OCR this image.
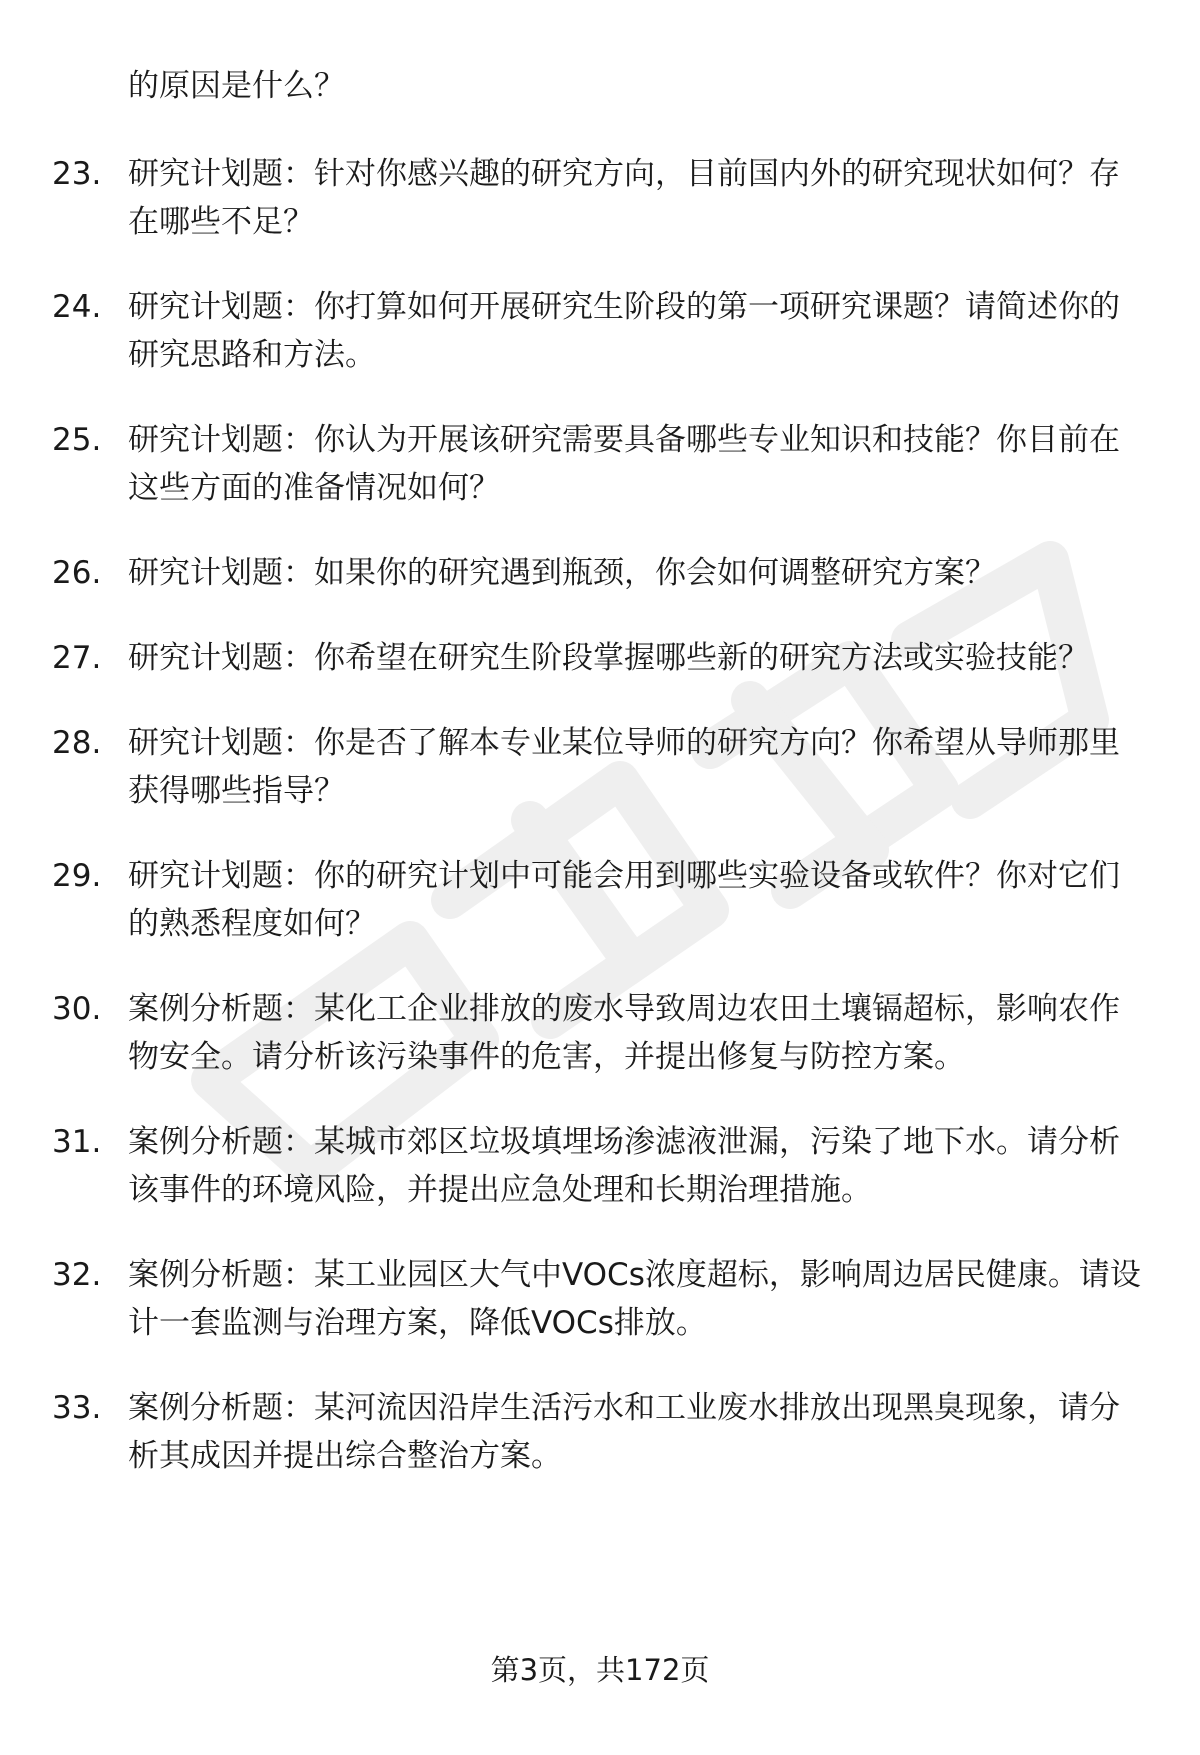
的原因是什么？
23. 研究计划题：针对你感兴趣的研究方向，目前国内外的研究现状如何？存在哪些不足？
24. 研究计划题：你打算如何开展研究生阶段的第一项研究课题？请简述你的研究思路和方法。
25. 研究计划题：你认为开展该研究需要具备哪些专业知识和技能？你目前在这些方面的准备情况如何？
26. 研究计划题：如果你的研究遇到瓶颈，你会如何调整研究方案？
27. 研究计划题：你希望在研究生阶段掌握哪些新的研究方法或实验技能？
28. 研究计划题：你是否了解本专业某位导师的研究方向？你希望从导师那里获得哪些指导？
29. 研究计划题：你的研究计划中可能会用到哪些实验设备或软件？你对它们的熟悉程度如何？
30. 案例分析题：某化工企业排放的废水导致周边农田土壤镉超标，影响农作物安全。请分析该污染事件的危害，并提出修复与防控方案。
31. 案例分析题：某城市郊区垃圾填埋场渗滤液泄漏，污染了地下水。请分析该事件的环境风险，并提出应急处理和长期治理措施。
32. 案例分析题：某工业园区大气中VOCs浓度超标，影响周边居民健康。请设计一套监测与治理方案，降低VOCs排放。
33. 案例分析题：某河流因沿岸生活污水和工业废水排放出现黑臭现象，请分析其成因并提出综合整治方案。
第3页，共172页
